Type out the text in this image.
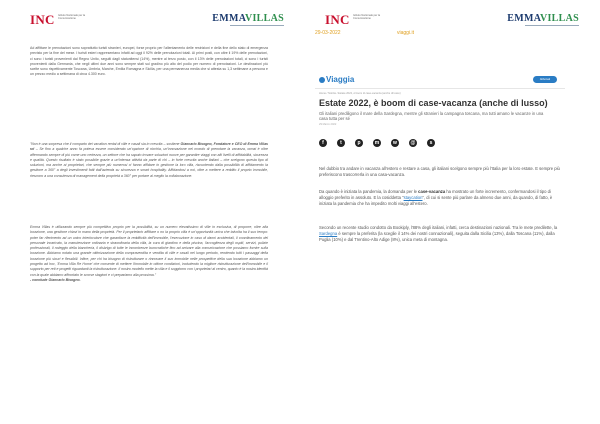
INC Istituto Nazionale per la Comunicazione	EMMAVILLAS
Ad affittare le prenotazioni sono soprattutto turisti stranieri, europei, forse proprio per l'allentamento delle restrizioni e della fine dello stato di emergenza previsto per la fine del mese. I turisti esteri rappresentano infatti ad oggi il 92% delle prenotazioni totali. Ai primi posti, con oltre il 19% delle prenotazioni, ci sono i turisti provenienti dal Regno Unito, seguiti dagli statunitensi (14%), mentre al terzo posto, con il 13% delle prenotazioni totali, ci sono i turisti provenienti dalla Germania, che negli ultimi due anni sono sempre stati sul gradino più alto del podio per numero di prenotazioni. Le destinazioni più scelte sono rispettivamente Toscana, Umbria, Marche, Emilia Romagna e Sicilia, per una permanenza media che si attesta su 1,3 settimane a persona e un prezzo medio a settimana di circa 4.300 euro.
"Non è una sorpresa che il comparto dei vacation rental di ville e casali sia in crescita – sostiene Giancarlo Bisogno, Fondatore e CEO di Emma Villas srl – Se fino a qualche anno fa poteva essere considerato un'opzione di nicchia, un'innovazione nel mondo di prenotare la vacanza, ormai è oltre affermando sempre di più come uno certezza, un settore che ha saputo trovare soluzioni nuove per garantire viaggi con alti livelli di affidabilità, sicurezza e qualità. Questo risultato è stato possibile grazie a un'intensa attività da parte di chi – in forte crescita anche italiani – che scelgono questa tipo di soluzioni, ma anche ai proprietari, che sempre più numerosi ci fanno affidare in gestione la loro villa, riscuotendo dalla possibilità di affidamento la gestione a 360° a degli investimenti fatti dall'azienda su sicurezza e smart hospitality. Affidandosi a noi, oltre a mettere a reddito il proprio immobile, riescono a una consulenza di management della proprietà a 360° per portare al meglio la collaborazione.
Emma Villas è utilizzando sempre più competitivo proprio per la possibilità, su un numero elevatissimo di ville in esclusiva, di proporre, oltre alla locazione, una gestione chiavi in mano della proprietà. Per il proprietario affittare o no la proprio villa è un'opportunità unica che talvolta ha il suo tempo: poter far riferimento ad un unico interlocutore che garantisce la redditività dell'immobile, l'esecuzione in caso di danni accidentali, il coordinamento del personale incaricato, la manutenzione ordinaria e straordinaria della villa, la cura di giardino e della piscina, l'accoglienza degli ospiti, servizi, pulizie professionali, il noleggio della biancheria, il disbrigo di tutte le incombenze burocratiche fino ad arrivare alla comunicazione che possiamo fornire sulla locazione. Abbiamo notato una grande ottimizzazione della compravendita e vendita di ville e casali nel lungo periodo, rendendo tutti i passaggi della locazione più sicuri e flessibili. Infine, per chi ha bisogno di ristrutturare o rinnovare il suo immobile nelle prospettive della sua locazione abbiamo un progetto ad hoc, 'Emma Villa Re Home' che consente di mettere l'immobile in ottime condizioni, includendo la migliore ristrutturazione dell'immobile e il supporto per reti e progetti riguardanti la ristrutturazione. Il nostro modello mette la villa e il soggiorno con i proprietari al centro, quanto è la nostra identità con la quale abbiamo affrontato le scorse stagioni e ci prepariamo alla prossima."
- conclude Giancarlo Bisogno.
INC Istituto Nazionale per la Comunicazione	EMMAVILLAS
29-03-2022	viaggi.it
Viaggia	Abbonati
Home / Notizie / Estate 2022, è boom di case-vacanza (anche di lusso)
Estate 2022, è boom di case-vacanza (anche di lusso)
Gli italiani prediligono il mare della Sardegna, mentre gli stranieri la campagna toscana, ma tutti amano le vacanze in una casa tutta per sé
29 Marzo 2022
f	t	p	m	w	@	s
Nel dubbio tra andare in vacanza all'estero e restare a casa, gli italiani scelgono sempre più l'Italia per la loro estate. E sempre più preferiscono trascorrerla in una casa-vacanza.
Da quando è iniziata la pandemia, la domanda per le case-vacanza ha mostrato un forte incremento, confermandosi il tipo di alloggio preferito in assoluto. E la cosiddetta "staycation", di cui si sente più parlare da almeno due anni, da quando, di fatto, è iniziata la pandemia che ha impedito molti viaggi all'estero.
Secondo un recente studio condotto da Bookiply, l'88% degli italiani, infatti, cerca destinazioni nazionali. Tra le mete predilette, la Sardegna è sempre la preferita (la sceglie il 14% dei nostri connazionali), seguita dalla Sicilia (13%), dalla Toscana (11%), dalla Puglia (10%) e dal Trentino-Alto Adige (8%), unica meta di montagna.
